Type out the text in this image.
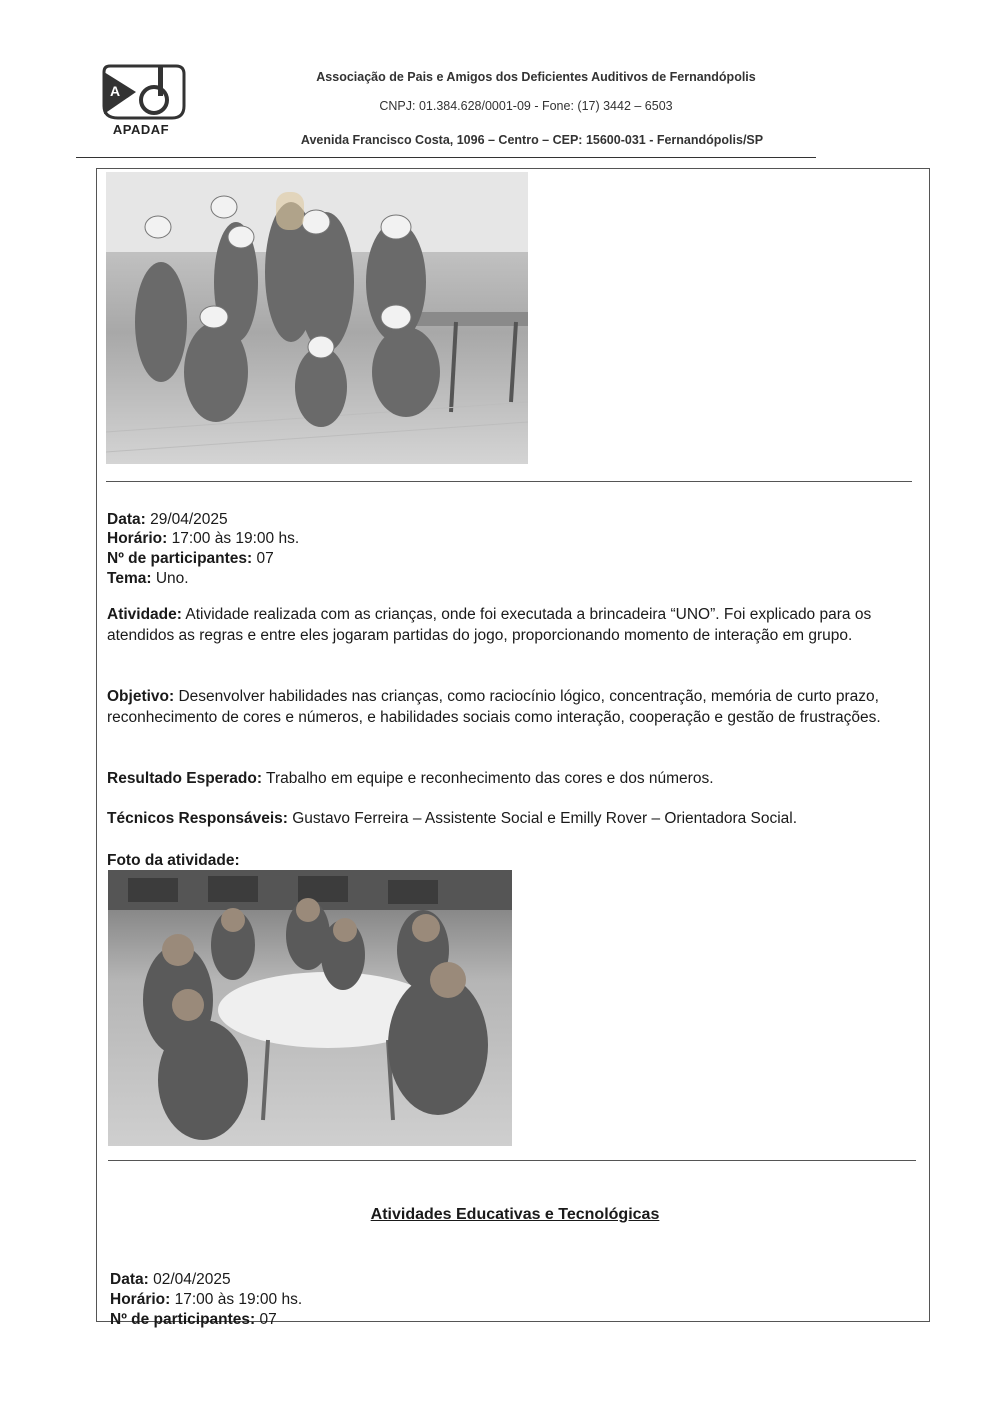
A
APADAF
Associação de Pais e Amigos dos Deficientes Auditivos de Fernandópolis
CNPJ: 01.384.628/0001-09 - Fone: (17) 3442 – 6503
Avenida Francisco Costa, 1096 – Centro – CEP: 15600-031 - Fernandópolis/SP
Data: 29/04/2025
Horário: 17:00 às 19:00 hs.
Nº de participantes: 07
Tema: Uno.
Atividade: Atividade realizada com as crianças, onde foi executada a brincadeira “UNO”. Foi explicado para os atendidos as regras e entre eles jogaram partidas do jogo, proporcionando momento de interação em grupo.
Objetivo: Desenvolver habilidades nas crianças, como raciocínio lógico, concentração, memória de curto prazo, reconhecimento de cores e números, e habilidades sociais como interação, cooperação e gestão de frustrações.
Resultado Esperado: Trabalho em equipe e reconhecimento das cores e dos números.
Técnicos Responsáveis: Gustavo Ferreira – Assistente Social e Emilly Rover – Orientadora Social.
Foto da atividade:
Atividades Educativas e Tecnológicas
Data: 02/04/2025
Horário: 17:00 às 19:00 hs.
Nº de participantes: 07
